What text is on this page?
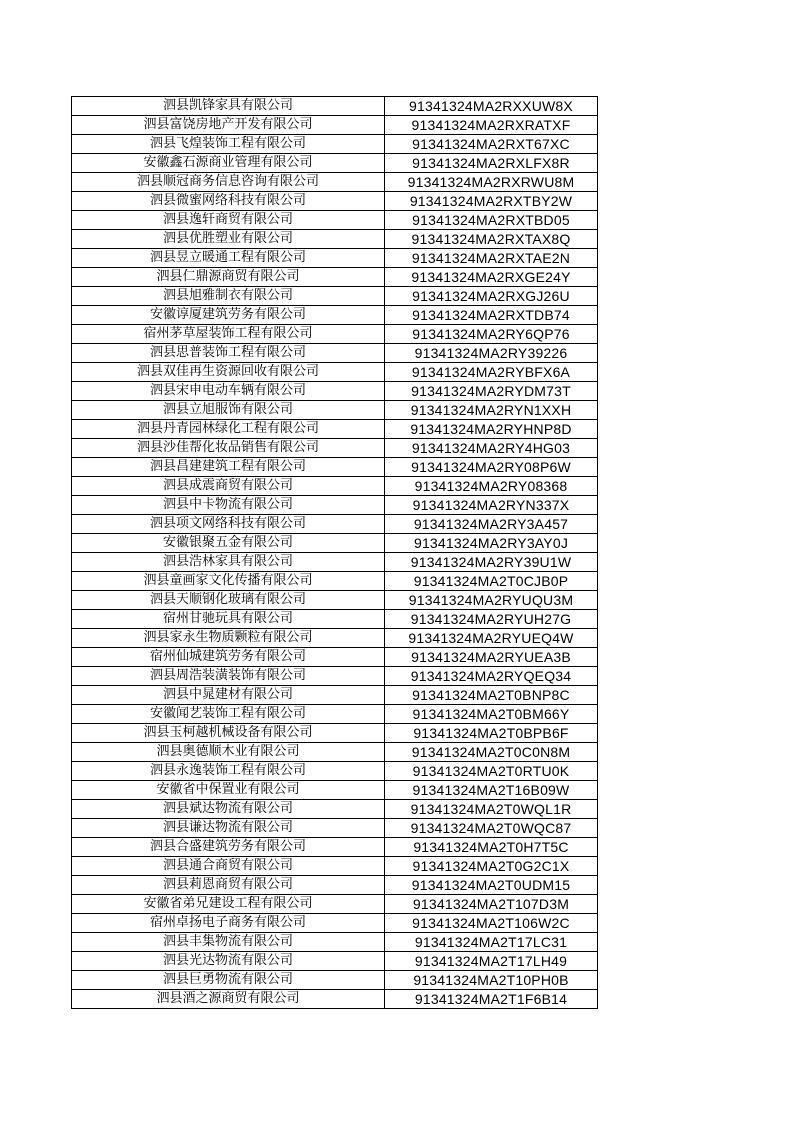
泗县凯锋家具有限公司	91341324MA2RXXUW8X
泗县富饶房地产开发有限公司	91341324MA2RXRATXF
泗县飞煌装饰工程有限公司	91341324MA2RXT67XC
安徽鑫石源商业管理有限公司	91341324MA2RXLFX8R
泗县顺冠商务信息咨询有限公司	91341324MA2RXRWU8M
泗县微蜜网络科技有限公司	91341324MA2RXTBY2W
泗县逸轩商贸有限公司	91341324MA2RXTBD05
泗县优胜塑业有限公司	91341324MA2RXTAX8Q
泗县昱立暖通工程有限公司	91341324MA2RXTAE2N
泗县仁鼎源商贸有限公司	91341324MA2RXGE24Y
泗县旭雅制衣有限公司	91341324MA2RXGJ26U
安徽谆厦建筑劳务有限公司	91341324MA2RXTDB74
宿州茅草屋装饰工程有限公司	91341324MA2RY6QP76
泗县思普装饰工程有限公司	91341324MA2RY39226
泗县双佳再生资源回收有限公司	91341324MA2RYBFX6A
泗县宋申电动车辆有限公司	91341324MA2RYDM73T
泗县立旭服饰有限公司	91341324MA2RYN1XXH
泗县丹青园林绿化工程有限公司	91341324MA2RYHNP8D
泗县沙佳帮化妆品销售有限公司	91341324MA2RY4HG03
泗县昌建建筑工程有限公司	91341324MA2RY08P6W
泗县成震商贸有限公司	91341324MA2RY08368
泗县中卡物流有限公司	91341324MA2RYN337X
泗县项文网络科技有限公司	91341324MA2RY3A457
安徽银聚五金有限公司	91341324MA2RY3AY0J
泗县浩林家具有限公司	91341324MA2RY39U1W
泗县童画家文化传播有限公司	91341324MA2T0CJB0P
泗县天顺钢化玻璃有限公司	91341324MA2RYUQU3M
宿州甘驰玩具有限公司	91341324MA2RYUH27G
泗县家永生物质颗粒有限公司	91341324MA2RYUEQ4W
宿州仙城建筑劳务有限公司	91341324MA2RYUEA3B
泗县周浩装潢装饰有限公司	91341324MA2RYQEQ34
泗县中晁建材有限公司	91341324MA2T0BNP8C
安徽闻艺装饰工程有限公司	91341324MA2T0BM66Y
泗县玉柯越机械设备有限公司	91341324MA2T0BPB6F
泗县奥德顺木业有限公司	91341324MA2T0C0N8M
泗县永逸装饰工程有限公司	91341324MA2T0RTU0K
安徽省中保置业有限公司	91341324MA2T16B09W
泗县斌达物流有限公司	91341324MA2T0WQL1R
泗县谦达物流有限公司	91341324MA2T0WQC87
泗县合盛建筑劳务有限公司	91341324MA2T0H7T5C
泗县通合商贸有限公司	91341324MA2T0G2C1X
泗县莉恩商贸有限公司	91341324MA2T0UDM15
安徽省弟兄建设工程有限公司	91341324MA2T107D3M
宿州卓扬电子商务有限公司	91341324MA2T106W2C
泗县丰集物流有限公司	91341324MA2T17LC31
泗县光达物流有限公司	91341324MA2T17LH49
泗县巨勇物流有限公司	91341324MA2T10PH0B
泗县酒之源商贸有限公司	91341324MA2T1F6B14
